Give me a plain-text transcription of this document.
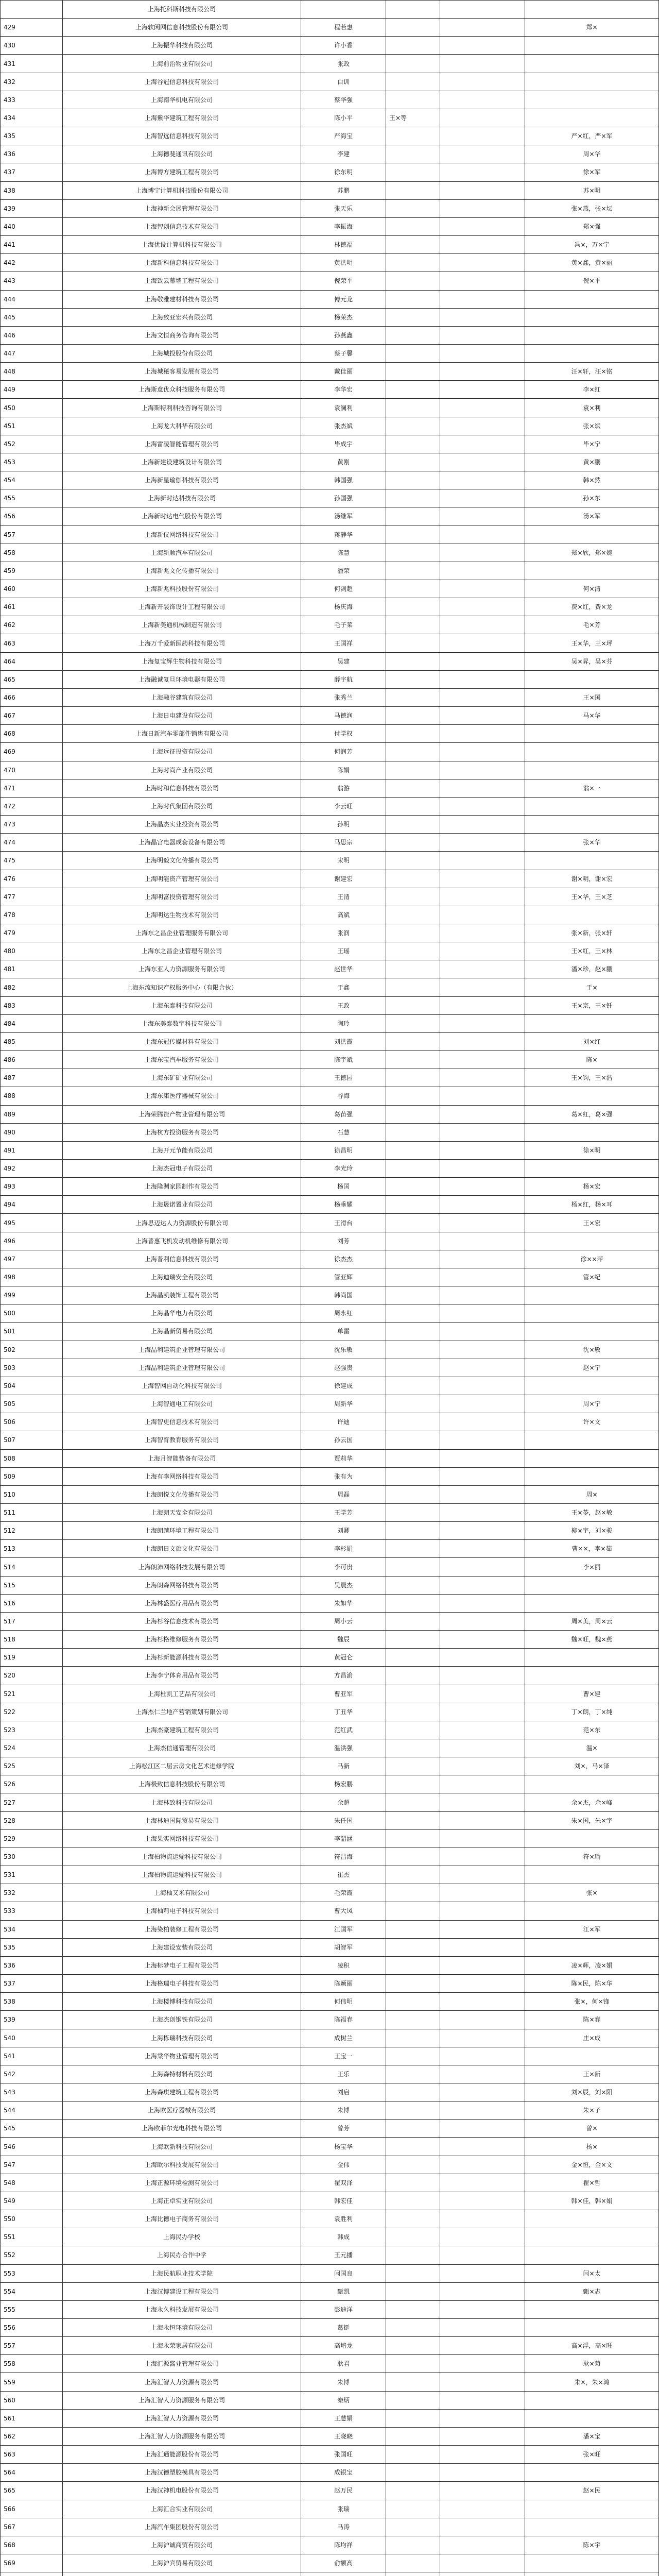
	上海托科斯科技有限公司				
429	上海软闲网信息科技股份有限公司	程若惠			郑×
430	上海振华科技有限公司	许小香			
431	上海前治物业有限公司	张政			
432	上海谷冠信息科技有限公司	白训			
433	上海南华机电有限公司	蔡华强			
434	上海紫华建筑工程有限公司	陈小平	王×等		
435	上海智远信息科技有限公司	严海宝			严×红，严×军
436	上海德斐通讯有限公司	李建			周×华
437	上海博方建筑工程有限公司	徐东明			徐×军
438	上海博宁计算机科技股份有限公司	苏鹏			苏×明
439	上海神新会展管理有限公司	张天乐			张×燕，张×坛
440	上海智创信息技术有限公司	李振海			郑×强
441	上海优设计算机科技有限公司	林德福			冯×，万×宁
442	上海新科信息科技有限公司	黄洪明			黄×鑫，黄×丽
443	上海致云幕墙工程有限公司	倪荣平			倪×平
444	上海敬雅建材科技有限公司	傅元龙			
445	上海致亚宏兴有限公司	杨荣杰			
446	上海文恒商务咨询有限公司	孙燕鑫			
447	上海城投股份有限公司	蔡子馨			
448	上海城秘客易发展有限公司	戴佳丽			汪×轩，汪×铭
449	上海斯意优众科技服务有限公司	李华宏			李×红
450	上海斯特利科技咨询有限公司	袁澜利			袁×利
451	上海龙大科华有限公司	张杰斌			张×斌
452	上海雷凌智能管理有限公司	毕成宇			毕×宁
453	上海新建设建筑设计有限公司	黄刚			黄×鹏
454	上海新星瑜伽科技有限公司	韩国强			韩×然
455	上海新时达科技有限公司	孙国强			孙×东
456	上海新时达电气股份有限公司	汤继军			汤×军
457	上海新仪网络科技有限公司	蒋静华			
458	上海新顺汽车有限公司	陈慧			郑×欣，郑×婉
459	上海新兆文化传播有限公司	潘荣			
460	上海新兆科技股份有限公司	何剑超			何×清
461	上海新开装饰设计工程有限公司	杨庆海			费×红，费×龙
462	上海新美通机械制造有限公司	毛子菜			毛×芳
463	上海万千爱新医药科技有限公司	王国祥			王×华，王×坪
464	上海复宝辉生物科技有限公司	吴建			吴×昇，吴×芬
465	上海融诚复旦环境电器有限公司	薛宇航			
466	上海融谷建筑有限公司	张秀兰			王×国
467	上海日电建设有限公司	马德润			马×华
468	上海日新汽车零部件销售有限公司	付学权			
469	上海远征投资有限公司	何润芳			
470	上海时尚产业有限公司	陈娟			
471	上海时和信息科技有限公司	翁游			翁×一
472	上海时代集团有限公司	李云旺			
473	上海晶杰实业投资有限公司	孙明			
474	上海晶宫电器成套设备有限公司	马思宗			张×华
475	上海明毅文化传播有限公司	宋明			
476	上海明能资产管理有限公司	谢建宏			谢×明，谢×宏
477	上海明富投资管理有限公司	王清			王×华，王×芝
478	上海明达生物技术有限公司	高斌			
479	上海东之昌企业管理服务有限公司	张润			张×新，张×轩
480	上海东之昌企业管理有限公司	王瑶			王×红，王×林
481	上海东亚人力资源服务有限公司	赵世华			潘×珍，赵×鹏
482	上海东流知识产权服务中心（有限合伙）	于鑫			于×
483	上海东泰科技有限公司	王政			王×宗，王×钎
484	上海东美泰数字科技有限公司	陶玲			
485	上海东冠传媒材料有限公司	刘洪霞			刘×红
486	上海东宝汽车服务有限公司	陈宇斌			陈×
487	上海东矿矿业有限公司	王德园			王×钧，王×浩
488	上海东康医疗器械有限公司	谷海			
489	上海荣腾资产物业管理有限公司	葛苗强			葛×红，葛×强
490	上海杭方投资服务有限公司	石慧			
491	上海开元节能有限公司	徐昌明			徐×明
492	上海杰冠电子有限公司	李光玲			
493	上海隆渊家园制作有限公司	杨国			杨×宏
494	上海晟诺置业有限公司	杨垂耀			杨×红，杨×耳
495	上海思迈达人力资源股份有限公司	王滑台			王×宏
496	上海普惠飞机发动机维修有限公司	刘芳			
497	上海普利信息科技有限公司	徐杰杰			徐××萍
498	上海迪瑞安全有限公司	管亚辉			管×纪
499	上海晶凯装饰工程有限公司	韩尚国			
500	上海晶华电力有限公司	周永红			
501	上海晶新贸易有限公司	单雷			
502	上海晶利建筑企业管理有限公司	沈乐敏			沈×敏
503	上海晶利建筑企业管理有限公司	赵强贵			赵×宁
504	上海智网自动化科技有限公司	徐建成			
505	上海智通电工有限公司	周新华			周×宁
506	上海智更信息技术有限公司	许迪			许×文
507	上海智育教育服务有限公司	孙云国			
508	上海月智能装备有限公司	贾莉华			
509	上海有李网络科技有限公司	张有为			
510	上海朗悦文化传播有限公司	周磊			周×
511	上海朗天安全有限公司	王学芳			王×苓，赵×敏
512	上海朗越环境工程有限公司	刘卿			柳×宇，刘×骏
513	上海朗日文旅文化有限公司	李杉娟			曹××，李×茹
514	上海朗沛网络科技发展有限公司	李可贵			李×丽
515	上海朗森网络科技有限公司	吴晨杰			
516	上海林盛医疗用品有限公司	朱如华			
517	上海杉谷信息技术有限公司	周小云			周×美，周×云
518	上海杉格维修服务有限公司	魏辰			魏×旺，魏×燕
519	上海杉新能源科技有限公司	黄冠仑			
520	上海李宁体育用品有限公司	方昌渝			
521	上海杜凯工艺品有限公司	曹亚军			曹×建
522	上海杰仁兰地产营销策划有限公司	丁丑华			丁×朗，丁×纯
523	上海杰豪建筑工程有限公司	范红武			范×东
524	上海杰信通管理有限公司	温洪强			温×
525	上海松江区二届云房文化艺术进修学院	马新			刘×，马×泽
526	上海极致信息科技股份有限公司	杨宏鹏			
527	上海林致科技有限公司	余超			余×杰，余×峰
528	上海林迪国际贸易有限公司	朱任国			朱×国，朱×宇
529	上海果实网络科技有限公司	李韶涵			
530	上海柏物流运输科技有限公司	符昌海			符×瑜
531	上海柏物流运输科技有限公司	崔杰			
532	上海柚又米有限公司	毛荣霞			张×
533	上海柚莉电子科技有限公司	曹大凤			
534	上海染柏装修工程有限公司	江国军			江×军
535	上海建设安装有限公司	胡智军			
536	上海标梦电子工程有限公司	凌积			凌×辉，凌×娟
537	上海格瑞电子科技有限公司	陈颖丽			陈×民，陈×华
538	上海楼博科技有限公司	何伟明			张×，何×锋
539	上海杰创钢铁有限公司	陈福春			陈×春
540	上海栋瑞科技有限公司	成树兰			庄×成
541	上海棠华物业管理有限公司	王宝一			
542	上海森特材料有限公司	王乐			王×新
543	上海森琪建筑工程有限公司	刘启			刘×辰，刘×阳
544	上海欧医疗器械有限公司	朱博			朱×子
545	上海欧菲尔光电科技有限公司	曾芳			曾×
546	上海欧新科技有限公司	杨宝华			杨×
547	上海欧尔科技发展有限公司	金伟			金×恒，金×文
548	上海正源环境检测有限公司	翟双泽			翟×哲
549	上海正卓实业有限公司	韩宏佳			韩×佳，韩×娟
550	上海比德电子商务有限公司	袁胜利			
551	上海民办学校	韩成			
552	上海民办合作中学	王元播			
553	上海民航职业技术学院	闫国良			闫×太
554	上海汉博建设工程有限公司	甄凯			甄×志
555	上海永久科技发展有限公司	彭迪洋			
556	上海永恒环境有限公司	葛挺			
557	上海永荣家居有限公司	高培龙			高×浮，高×旺
558	上海汇源酱业管理有限公司	耿君			耿×菊
559	上海汇智人力资源有限公司	朱博			朱×，朱×鸿
560	上海汇智人力资源服务有限公司	秦炳			
561	上海汇智人力资源有限公司	王慧娟			
562	上海汇智人力资源服务有限公司	王晓晓			潘×宝
563	上海汇通能源股份有限公司	张国旺			张×旺
564	上海汉德塑胶模具有限公司	成银宝			
565	上海汉神机电股份有限公司	赵万民			赵×民
566	上海汇合实业有限公司	张瑞			
567	上海汽车集团股份有限公司	马涛			
568	上海沪诚商贸有限公司	陈均祥			陈×宇
569	上海沪宾贸易有限公司	俞额高			
